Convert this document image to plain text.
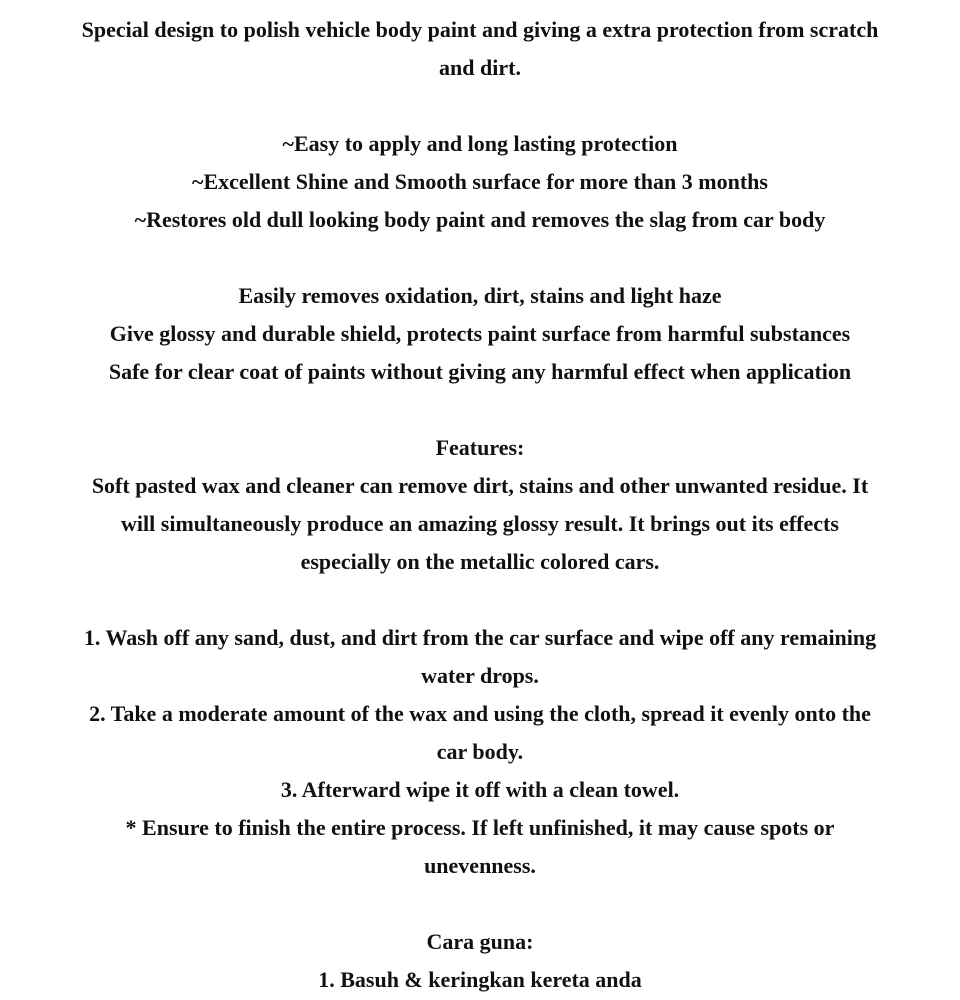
Special design to polish vehicle body paint and giving a extra protection from scratch

and dirt.

~Easy to apply and long lasting protection

~Excellent Shine and Smooth surface for more than 3 months

~Restores old dull looking body paint and removes the slag from car body

Easily removes oxidation, dirt, stains and light haze

Give glossy and durable shield, protects paint surface from harmful substances

Safe for clear coat of paints without giving any harmful effect when application

Features:

Soft pasted wax and cleaner can remove dirt, stains and other unwanted residue. It

will simultaneously produce an amazing glossy result. It brings out its effects

especially on the metallic colored cars.

1. Wash off any sand, dust, and dirt from the car surface and wipe off any remaining

water drops.

2. Take a moderate amount of the wax and using the cloth, spread it evenly onto the

car body.

3. Afterward wipe it off with a clean towel.

* Ensure to finish the entire process. If left unfinished, it may cause spots or

unevenness.

Cara guna:

1. Basuh & keringkan kereta anda
